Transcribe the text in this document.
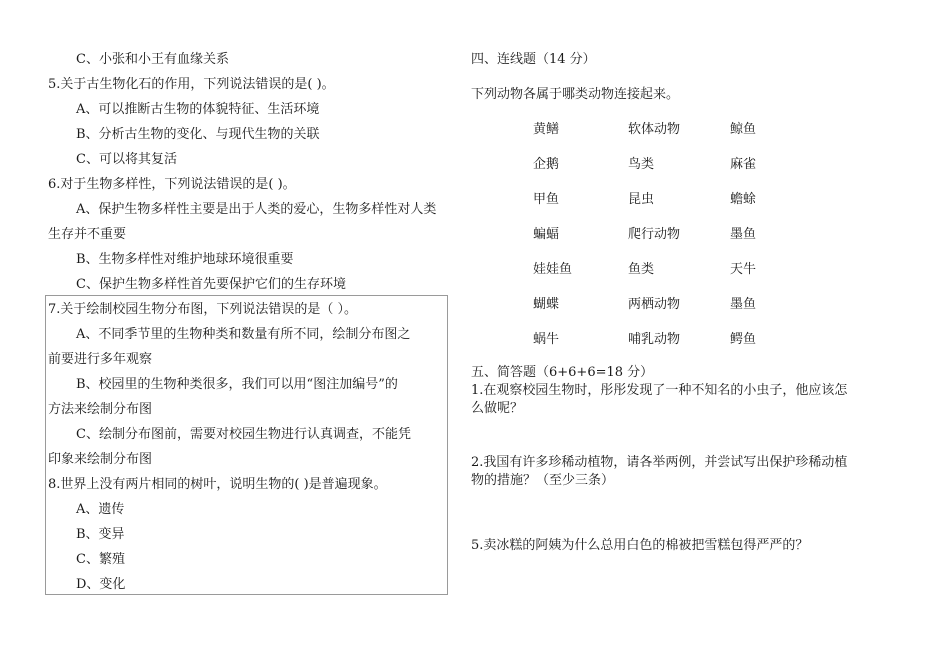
C、小张和小王有血缘关系
5.关于古生物化石的作用，下列说法错误的是( )。
A、可以推断古生物的体貌特征、生活环境
B、分析古生物的变化、与现代生物的关联
C、可以将其复活
6.对于生物多样性，下列说法错误的是( )。
A、保护生物多样性主要是出于人类的爱心，生物多样性对人类
生存并不重要
B、生物多样性对维护地球环境很重要
C、保护生物多样性首先要保护它们的生存环境
7.关于绘制校园生物分布图，下列说法错误的是（ ）。
A、不同季节里的生物种类和数量有所不同，绘制分布图之
前要进行多年观察
B、校园里的生物种类很多，我们可以用“图注加编号”的
方法来绘制分布图
C、绘制分布图前，需要对校园生物进行认真调查，不能凭
印象来绘制分布图
8.世界上没有两片相同的树叶，说明生物的( )是普遍现象。
A、遗传
B、变异
C、繁殖
D、变化
四、连线题（14 分）
下列动物各属于哪类动物连接起来。
黄鳝
企鹅
甲鱼
蝙蝠
娃娃鱼
蝴蝶
蜗牛
软体动物
鸟类
昆虫
爬行动物
鱼类
两栖动物
哺乳动物
鲸鱼
麻雀
蟾蜍
墨鱼
天牛
墨鱼
鳄鱼
五、简答题（6+6+6=18 分）
1.在观察校园生物时，彤彤发现了一种不知名的小虫子，他应该怎
么做呢？
2.我国有许多珍稀动植物，请各举两例，并尝试写出保护珍稀动植
物的措施？（至少三条）
5.卖冰糕的阿姨为什么总用白色的棉被把雪糕包得严严的？
